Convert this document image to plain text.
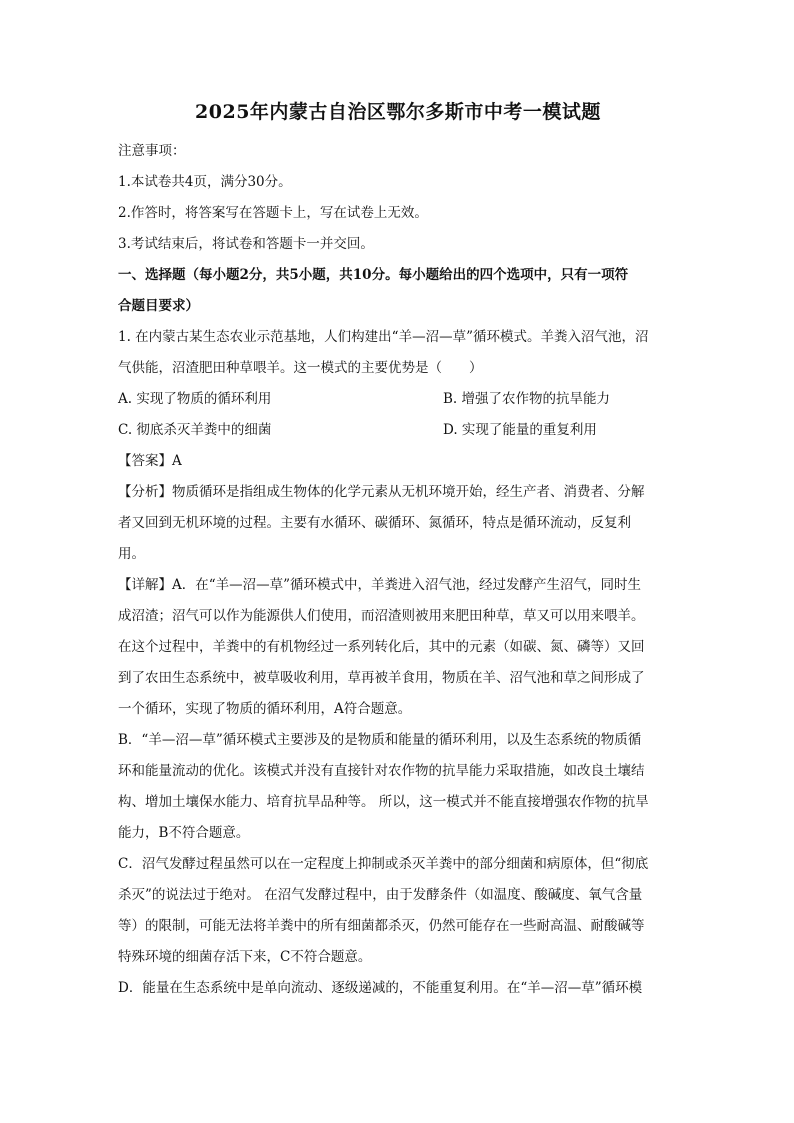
2025年内蒙古自治区鄂尔多斯市中考一模试题
注意事项：
1.本试卷共4页，满分30分。
2.作答时，将答案写在答题卡上，写在试卷上无效。
3.考试结束后，将试卷和答题卡一并交回。
一、选择题（每小题2分，共5小题，共10分。每小题给出的四个选项中，只有一项符
合题目要求）
1. 在内蒙古某生态农业示范基地，人们构建出“羊—沼—草”循环模式。羊粪入沼气池，沼
气供能，沼渣肥田种草喂羊。这一模式的主要优势是（　　）
A. 实现了物质的循环利用	B. 增强了农作物的抗旱能力
C. 彻底杀灭羊粪中的细菌	D. 实现了能量的重复利用
【答案】A
【分析】物质循环是指组成生物体的化学元素从无机环境开始，经生产者、消费者、分解
者又回到无机环境的过程。主要有水循环、碳循环、氮循环，特点是循环流动，反复利
用。
【详解】A．在“羊—沼—草”循环模式中，羊粪进入沼气池，经过发酵产生沼气，同时生
成沼渣；沼气可以作为能源供人们使用，而沼渣则被用来肥田种草，草又可以用来喂羊。
在这个过程中，羊粪中的有机物经过一系列转化后，其中的元素（如碳、氮、磷等）又回
到了农田生态系统中，被草吸收利用，草再被羊食用，物质在羊、沼气池和草之间形成了
一个循环，实现了物质的循环利用，A符合题意。
B．“羊—沼—草”循环模式主要涉及的是物质和能量的循环利用，以及生态系统的物质循
环和能量流动的优化。该模式并没有直接针对农作物的抗旱能力采取措施，如改良土壤结
构、增加土壤保水能力、培育抗旱品种等。 所以，这一模式并不能直接增强农作物的抗旱
能力，B不符合题意。
C．沼气发酵过程虽然可以在一定程度上抑制或杀灭羊粪中的部分细菌和病原体，但“彻底
杀灭”的说法过于绝对。 在沼气发酵过程中，由于发酵条件（如温度、酸碱度、氧气含量
等）的限制，可能无法将羊粪中的所有细菌都杀灭，仍然可能存在一些耐高温、耐酸碱等
特殊环境的细菌存活下来，C不符合题意。
D．能量在生态系统中是单向流动、逐级递减的，不能重复利用。在“羊—沼—草”循环模
